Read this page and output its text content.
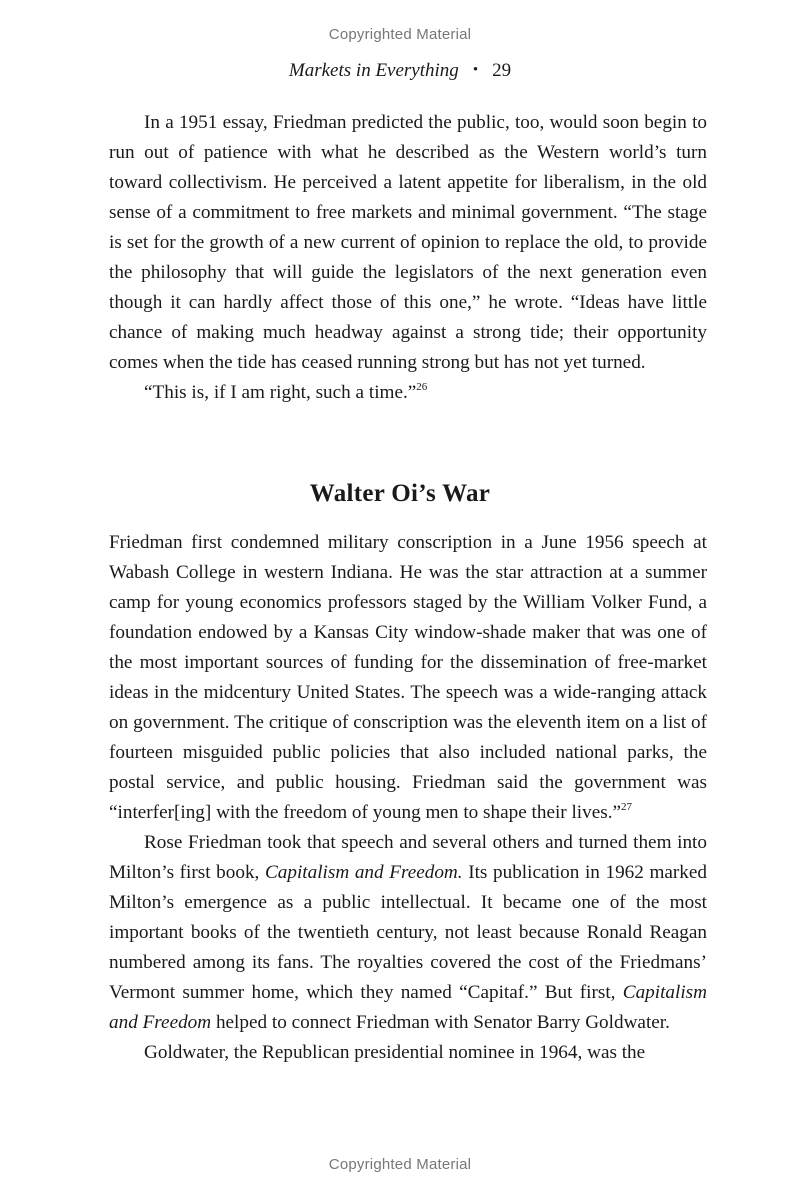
Copyrighted Material
Markets in Everything • 29

In a 1951 essay, Friedman predicted the public, too, would soon begin to run out of patience with what he described as the Western world’s turn toward collectivism. He perceived a latent appetite for liberalism, in the old sense of a commitment to free markets and minimal government. “The stage is set for the growth of a new current of opinion to replace the old, to provide the philosophy that will guide the legislators of the next generation even though it can hardly affect those of this one,” he wrote. “Ideas have little chance of making much headway against a strong tide; their opportunity comes when the tide has ceased running strong but has not yet turned.

“This is, if I am right, such a time.”$^{26}$

Walter Oi’s War

Friedman first condemned military conscription in a June 1956 speech at Wabash College in western Indiana. He was the star attraction at a summer camp for young economics professors staged by the William Volker Fund, a foundation endowed by a Kansas City window-shade maker that was one of the most important sources of funding for the dissemination of free-market ideas in the midcentury United States. The speech was a wide-ranging attack on government. The critique of conscription was the eleventh item on a list of fourteen misguided public policies that also included national parks, the postal service, and public housing. Friedman said the government was “interfer[ing] with the freedom of young men to shape their lives.”$^{27}$

Rose Friedman took that speech and several others and turned them into Milton’s first book, Capitalism and Freedom. Its publication in 1962 marked Milton’s emergence as a public intellectual. It became one of the most important books of the twentieth century, not least because Ronald Reagan numbered among its fans. The royalties covered the cost of the Friedmans’ Vermont summer home, which they named “Capitaf.” But first, Capitalism and Freedom helped to connect Friedman with Senator Barry Goldwater.

Goldwater, the Republican presidential nominee in 1964, was the

Copyrighted Material
